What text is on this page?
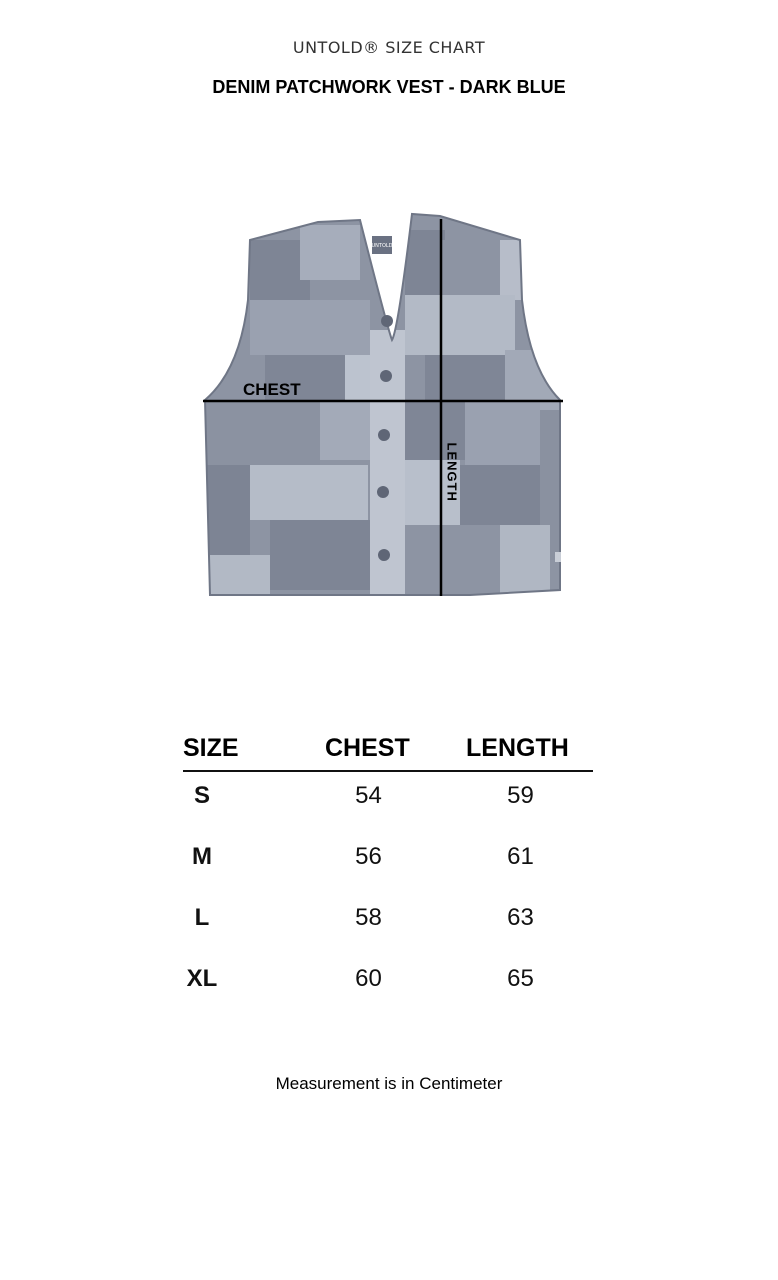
UNTOLD® SIZE CHART
DENIM PATCHWORK VEST - DARK BLUE
UNTOLD
CHEST
LENGTH
SIZE	CHEST LENGTH
S	54	59
M	56	61
L	58	63
XL	60	65
Measurement is in Centimeter
